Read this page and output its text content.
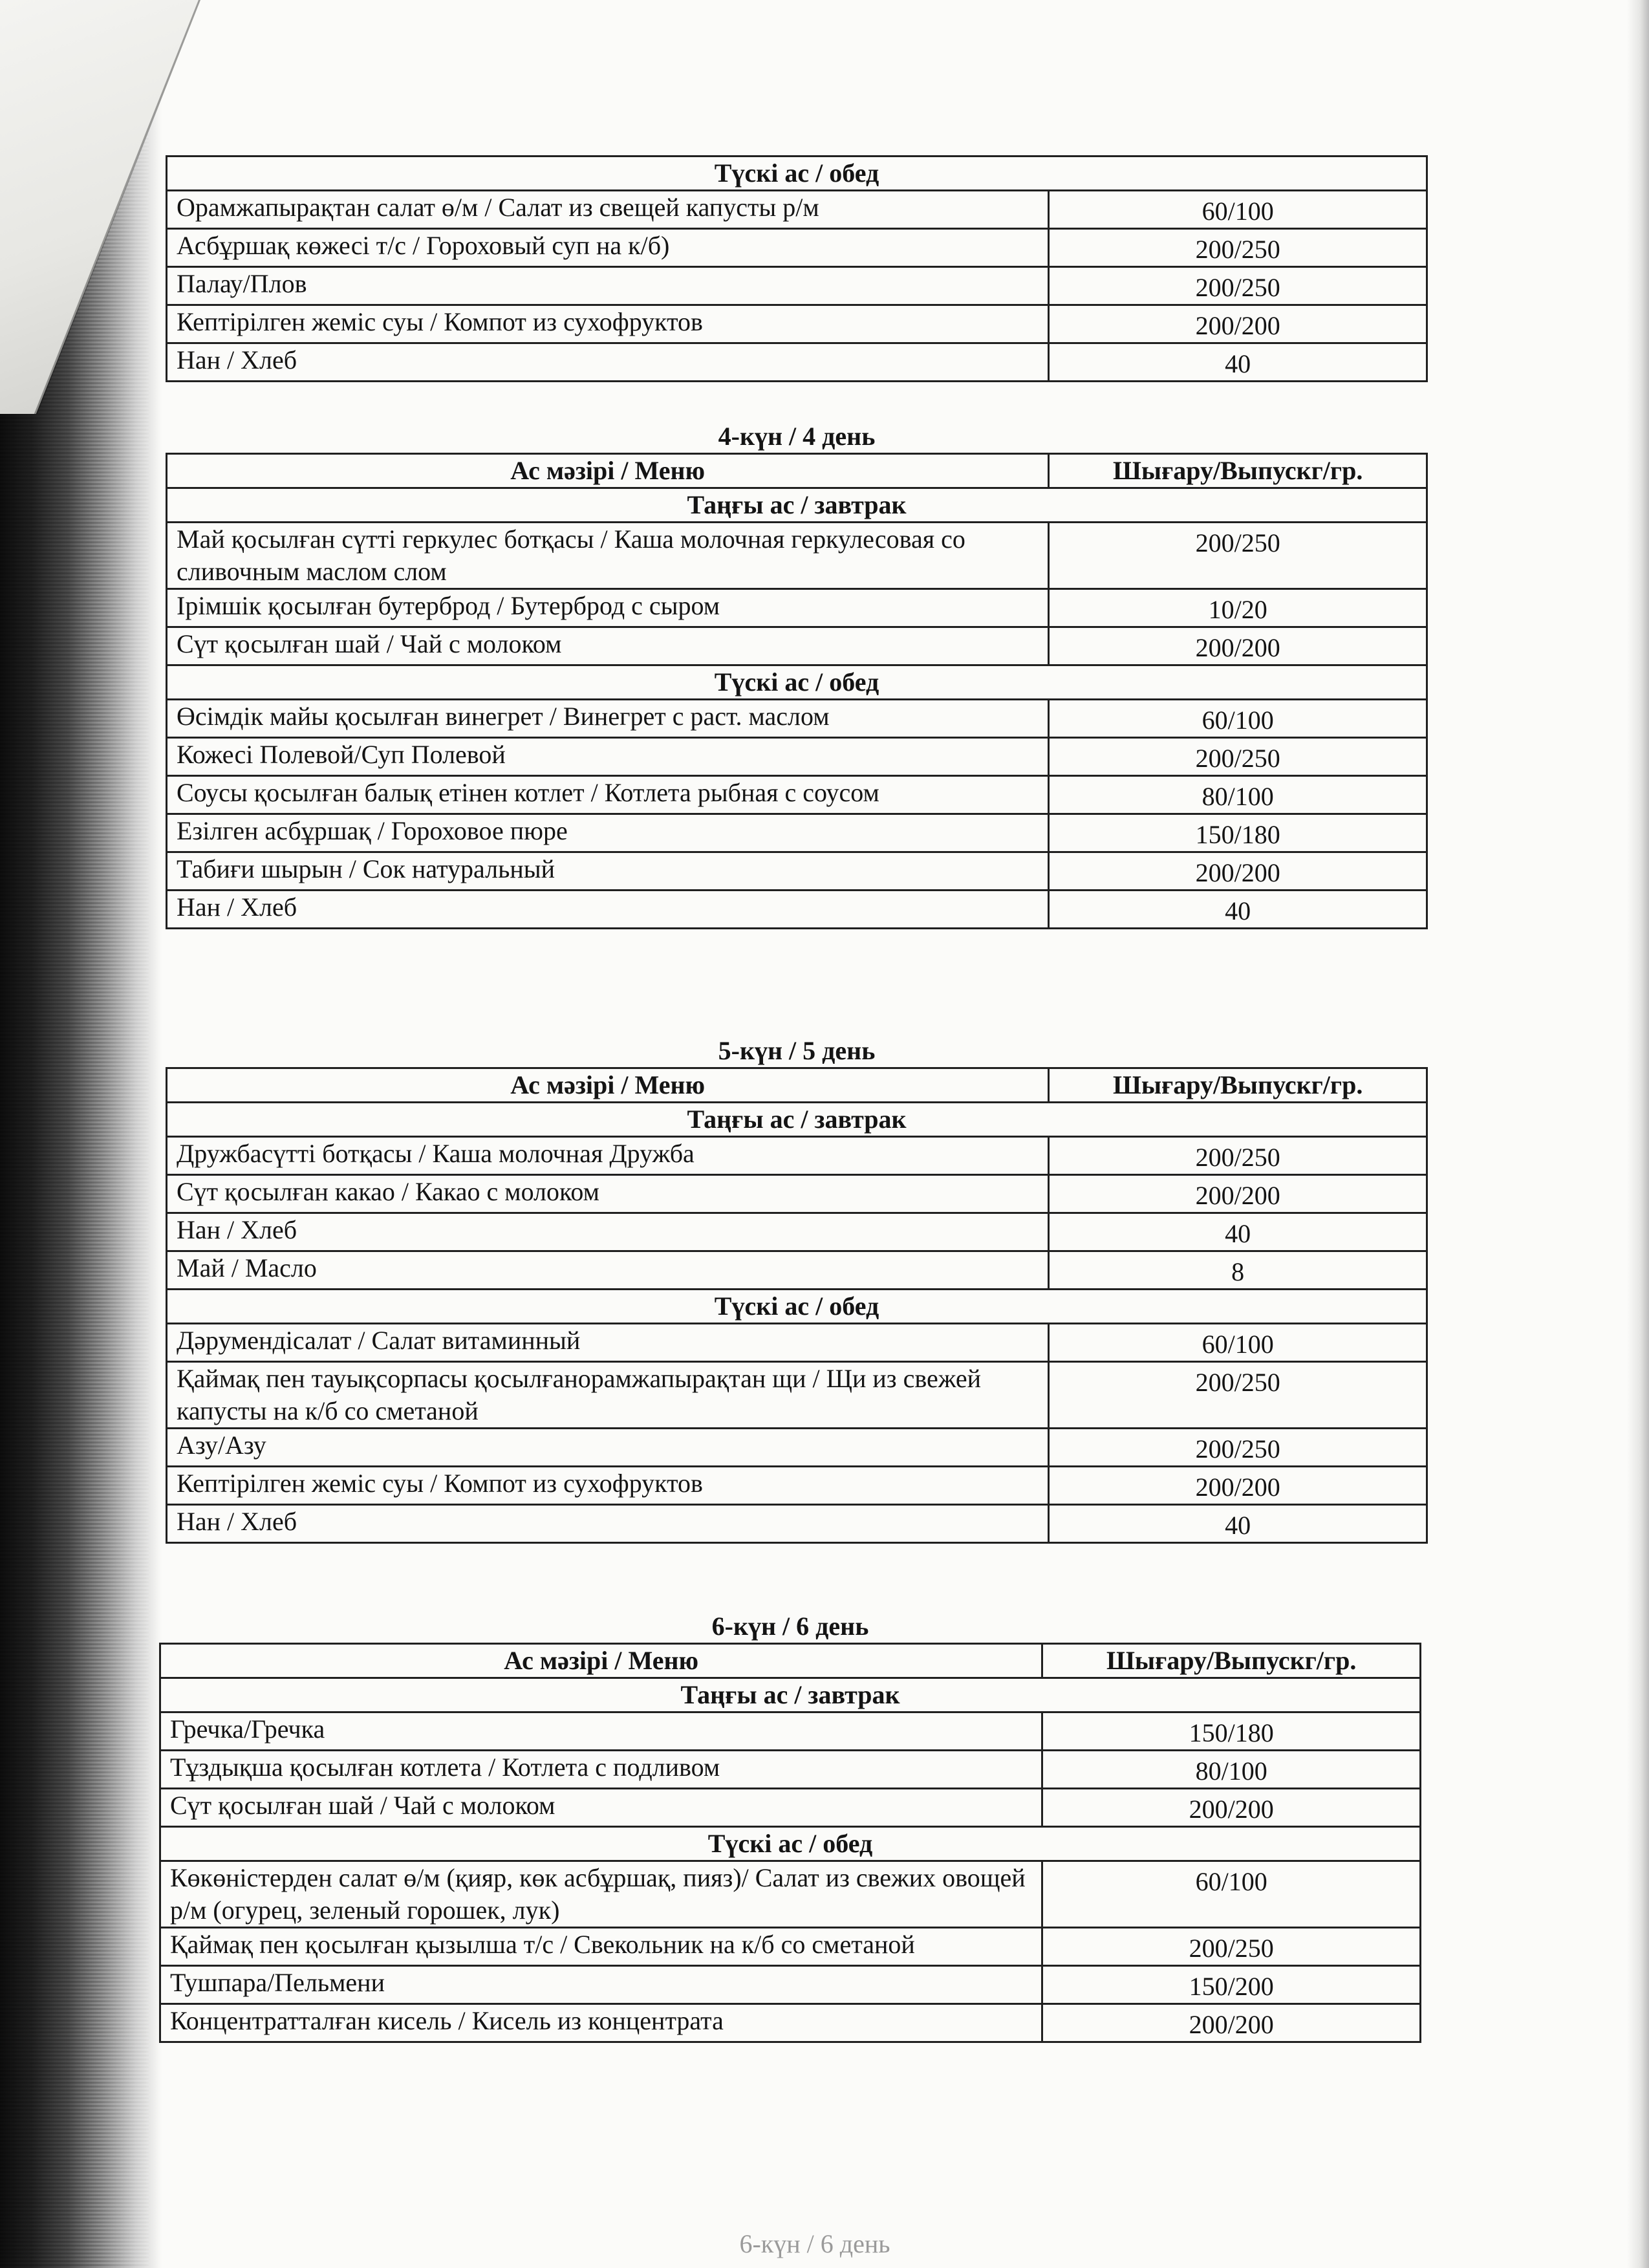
Түскі ас / обед	
Орамжапырақтан салат ө/м / Салат из свещей капусты р/м	60/100
Асбұршақ көжесі т/с / Гороховый суп на к/б)	200/250
Палау/Плов	200/250
Кептірілген жеміс суы / Компот из сухофруктов	200/200
Нан / Хлеб	40
4-күн / 4 день
Ас мәзірі / Меню	Шығару/Выпускг/гр.
Таңғы ас / завтрак	
Май қосылған сүтті геркулес ботқасы / Каша молочная геркулесовая со сливочным маслом слом	200/250
Ірімшік қосылған бутерброд / Бутерброд с сыром	10/20
Сүт қосылған шай / Чай с молоком	200/200
Түскі ас / обед	
Өсімдік майы қосылған винегрет / Винегрет с раст. маслом	60/100
Кожесі Полевой/Суп Полевой	200/250
Соусы қосылған балық етінен котлет / Котлета рыбная с соусом	80/100
Езілген асбұршақ / Гороховое пюре	150/180
Табиғи шырын / Сок натуральный	200/200
Нан / Хлеб	40
5-күн / 5 день
Ас мәзірі / Меню	Шығару/Выпускг/гр.
Таңғы ас / завтрак	
Дружбасүтті ботқасы / Каша молочная Дружба	200/250
Сүт қосылған какао / Какао с молоком	200/200
Нан / Хлеб	40
Май / Масло	8
Түскі ас / обед	
Дәрумендісалат / Салат витаминный	60/100
Қаймақ пен тауықсорпасы қосылғанорамжапырақтан щи / Щи из свежей капусты на к/б со сметаной	200/250
Азу/Азу	200/250
Кептірілген жеміс суы / Компот из сухофруктов	200/200
Нан / Хлеб	40
6-күн / 6 день
Ас мәзірі / Меню	Шығару/Выпускг/гр.
Таңғы ас / завтрак	
Гречка/Гречка	150/180
Тұздықша қосылған котлета / Котлета с подливом	80/100
Сүт қосылған шай / Чай с молоком	200/200
Түскі ас / обед	
Көкөністерден салат ө/м (қияр, көк асбұршақ, пияз)/ Салат из свежих овощей р/м (огурец, зеленый горошек, лук)	60/100
Қаймақ пен қосылған қызылша т/с / Свекольник на к/б со сметаной	200/250
Тушпара/Пельмени	150/200
Концентратталған кисель / Кисель из концентрата	200/200
6-күн / 6 день
